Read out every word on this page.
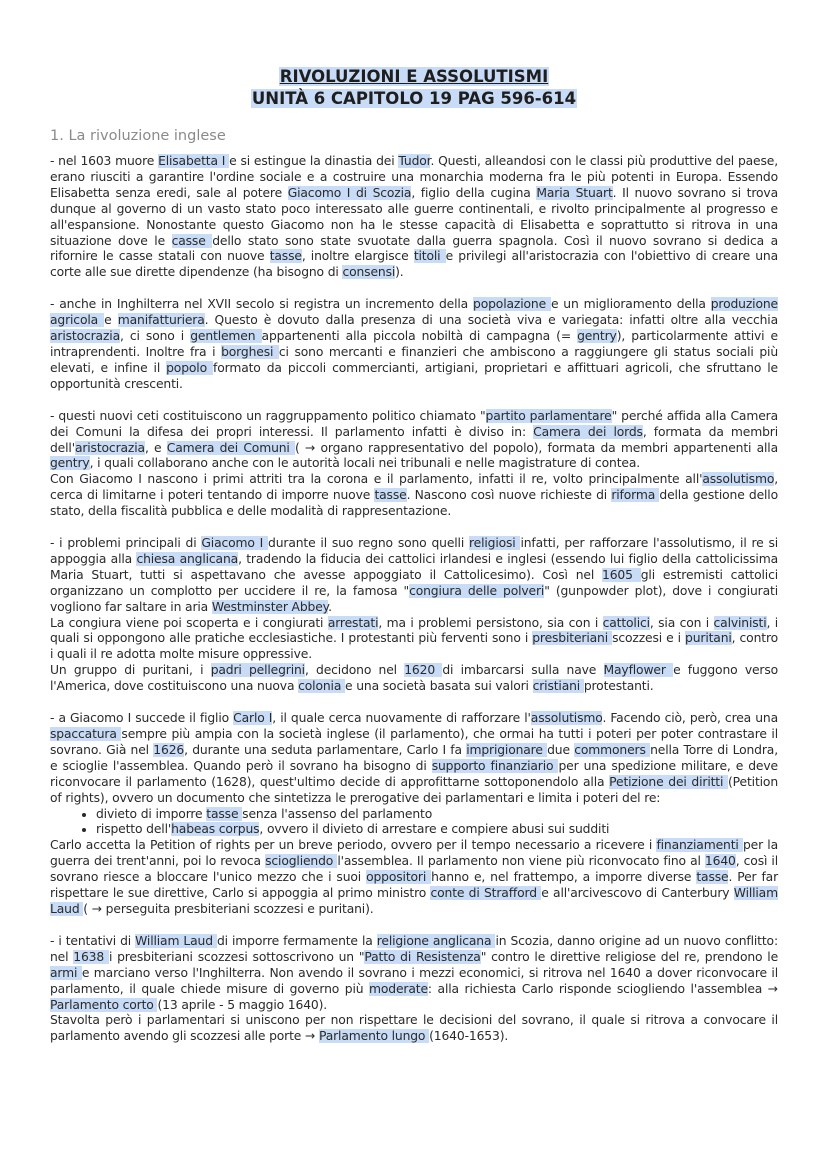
RIVOLUZIONI E ASSOLUTISMI

UNITÀ 6 CAPITOLO 19 PAG 596-614

1. La rivoluzione inglese
- nel 1603 muore Elisabetta I e si estingue la dinastia dei Tudor. Questi, alleandosi con le classi più produttive del paese, erano riusciti a garantire l'ordine sociale e a costruire una monarchia moderna fra le più potenti in Europa. Essendo Elisabetta senza eredi, sale al potere Giacomo I di Scozia, figlio della cugina Maria Stuart. Il nuovo sovrano si trova dunque al governo di un vasto stato poco interessato alle guerre continentali, e rivolto principalmente al progresso e all'espansione. Nonostante questo Giacomo non ha le stesse capacità di Elisabetta e soprattutto si ritrova in una situazione dove le casse dello stato sono state svuotate dalla guerra spagnola. Così il nuovo sovrano si dedica a rifornire le casse statali con nuove tasse, inoltre elargisce titoli e privilegi all'aristocrazia con l'obiettivo di creare una corte alle sue dirette dipendenze (ha bisogno di consensi).
- anche in Inghilterra nel XVII secolo si registra un incremento della popolazione e un miglioramento della produzione agricola e manifatturiera. Questo è dovuto dalla presenza di una società viva e variegata: infatti oltre alla vecchia aristocrazia, ci sono i gentlemen appartenenti alla piccola nobiltà di campagna (= gentry), particolarmente attivi e intraprendenti. Inoltre fra i borghesi ci sono mercanti e finanzieri che ambiscono a raggiungere gli status sociali più elevati, e infine il popolo formato da piccoli commercianti, artigiani, proprietari e affittuari agricoli, che sfruttano le opportunità crescenti.
- questi nuovi ceti costituiscono un raggruppamento politico chiamato "partito parlamentare" perché affida alla Camera dei Comuni la difesa dei propri interessi. Il parlamento infatti è diviso in: Camera dei lords, formata da membri dell'aristocrazia, e Camera dei Comuni ( → organo rappresentativo del popolo), formata da membri appartenenti alla gentry, i quali collaborano anche con le autorità locali nei tribunali e nelle magistrature di contea.
Con Giacomo I nascono i primi attriti tra la corona e il parlamento, infatti il re, volto principalmente all'assolutismo, cerca di limitarne i poteri tentando di imporre nuove tasse. Nascono così nuove richieste di riforma della gestione dello stato, della fiscalità pubblica e delle modalità di rappresentazione.
- i problemi principali di Giacomo I durante il suo regno sono quelli religiosi infatti, per rafforzare l'assolutismo, il re si appoggia alla chiesa anglicana, tradendo la fiducia dei cattolici irlandesi e inglesi (essendo lui figlio della cattolicissima Maria Stuart, tutti si aspettavano che avesse appoggiato il Cattolicesimo). Così nel 1605 gli estremisti cattolici organizzano un complotto per uccidere il re, la famosa "congiura delle polveri" (gunpowder plot), dove i congiurati vogliono far saltare in aria Westminster Abbey.
La congiura viene poi scoperta e i congiurati arrestati, ma i problemi persistono, sia con i cattolici, sia con i calvinisti, i quali si oppongono alle pratiche ecclesiastiche. I protestanti più ferventi sono i presbiteriani scozzesi e i puritani, contro i quali il re adotta molte misure oppressive.
Un gruppo di puritani, i padri pellegrini, decidono nel 1620 di imbarcarsi sulla nave Mayflower e fuggono verso l'America, dove costituiscono una nuova colonia e una società basata sui valori cristiani protestanti.
- a Giacomo I succede il figlio Carlo I, il quale cerca nuovamente di rafforzare l'assolutismo. Facendo ciò, però, crea una spaccatura sempre più ampia con la società inglese (il parlamento), che ormai ha tutti i poteri per poter contrastare il sovrano. Già nel 1626, durante una seduta parlamentare, Carlo I fa imprigionare due commoners nella Torre di Londra, e scioglie l'assemblea. Quando però il sovrano ha bisogno di supporto finanziario per una spedizione militare, e deve riconvocare il parlamento (1628), quest'ultimo decide di approfittarne sottoponendolo alla Petizione dei diritti (Petition of rights), ovvero un documento che sintetizza le prerogative dei parlamentari e limita i poteri del re:
• divieto di imporre tasse senza l'assenso del parlamento
• rispetto dell'habeas corpus, ovvero il divieto di arrestare e compiere abusi sui sudditi
Carlo accetta la Petition of rights per un breve periodo, ovvero per il tempo necessario a ricevere i finanziamenti per la guerra dei trent'anni, poi lo revoca sciogliendo l'assemblea. Il parlamento non viene più riconvocato fino al 1640, così il sovrano riesce a bloccare l'unico mezzo che i suoi oppositori hanno e, nel frattempo, a imporre diverse tasse. Per far rispettare le sue direttive, Carlo si appoggia al primo ministro conte di Strafford e all'arcivescovo di Canterbury William Laud ( → perseguita presbiteriani scozzesi e puritani).
- i tentativi di William Laud di imporre fermamente la religione anglicana in Scozia, danno origine ad un nuovo conflitto: nel 1638 i presbiteriani scozzesi sottoscrivono un "Patto di Resistenza" contro le direttive religiose del re, prendono le armi e marciano verso l'Inghilterra. Non avendo il sovrano i mezzi economici, si ritrova nel 1640 a dover riconvocare il parlamento, il quale chiede misure di governo più moderate: alla richiesta Carlo risponde sciogliendo l'assemblea → Parlamento corto (13 aprile - 5 maggio 1640).
Stavolta però i parlamentari si uniscono per non rispettare le decisioni del sovrano, il quale si ritrova a convocare il parlamento avendo gli scozzesi alle porte → Parlamento lungo (1640-1653).
